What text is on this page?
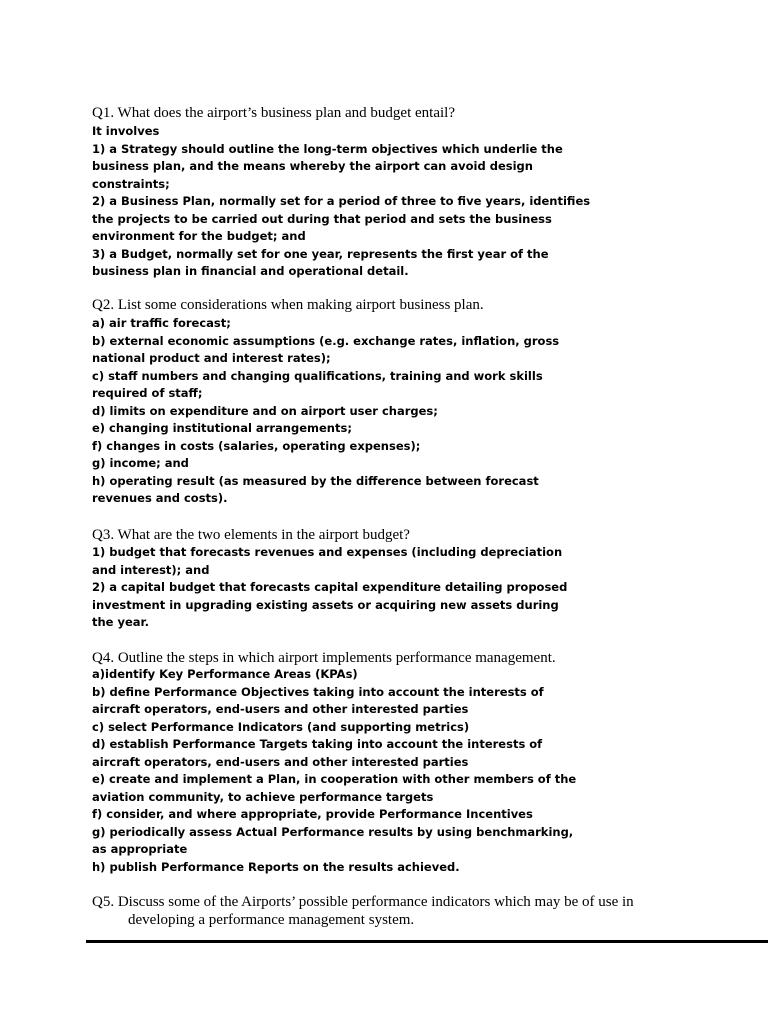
Q1. What does the airport’s business plan and budget entail?
It involves
1) a Strategy should outline the long-term objectives which underlie the
business plan, and the means whereby the airport can avoid design
constraints;
2) a Business Plan, normally set for a period of three to five years, identifies
the projects to be carried out during that period and sets the business
environment for the budget; and
3) a Budget, normally set for one year, represents the first year of the
business plan in financial and operational detail.
Q2. List some considerations when making airport business plan.
a) air traffic forecast;
b) external economic assumptions (e.g. exchange rates, inflation, gross
national product and interest rates);
c) staff numbers and changing qualifications, training and work skills
required of staff;
d) limits on expenditure and on airport user charges;
e) changing institutional arrangements;
f) changes in costs (salaries, operating expenses);
g) income; and
h) operating result (as measured by the difference between forecast
revenues and costs).
Q3. What are the two elements in the airport budget?
1) budget that forecasts revenues and expenses (including depreciation
and interest); and
2) a capital budget that forecasts capital expenditure detailing proposed
investment in upgrading existing assets or acquiring new assets during
the year.
Q4. Outline the steps in which airport implements performance management.
a)identify Key Performance Areas (KPAs)
b) define Performance Objectives taking into account the interests of
aircraft operators, end-users and other interested parties
c) select Performance Indicators (and supporting metrics)
d) establish Performance Targets taking into account the interests of
aircraft operators, end-users and other interested parties
e) create and implement a Plan, in cooperation with other members of the
aviation community, to achieve performance targets
f) consider, and where appropriate, provide Performance Incentives
g) periodically assess Actual Performance results by using benchmarking,
as appropriate
h) publish Performance Reports on the results achieved.
Q5. Discuss some of the Airports’ possible performance indicators which may be of use in
developing a performance management system.
